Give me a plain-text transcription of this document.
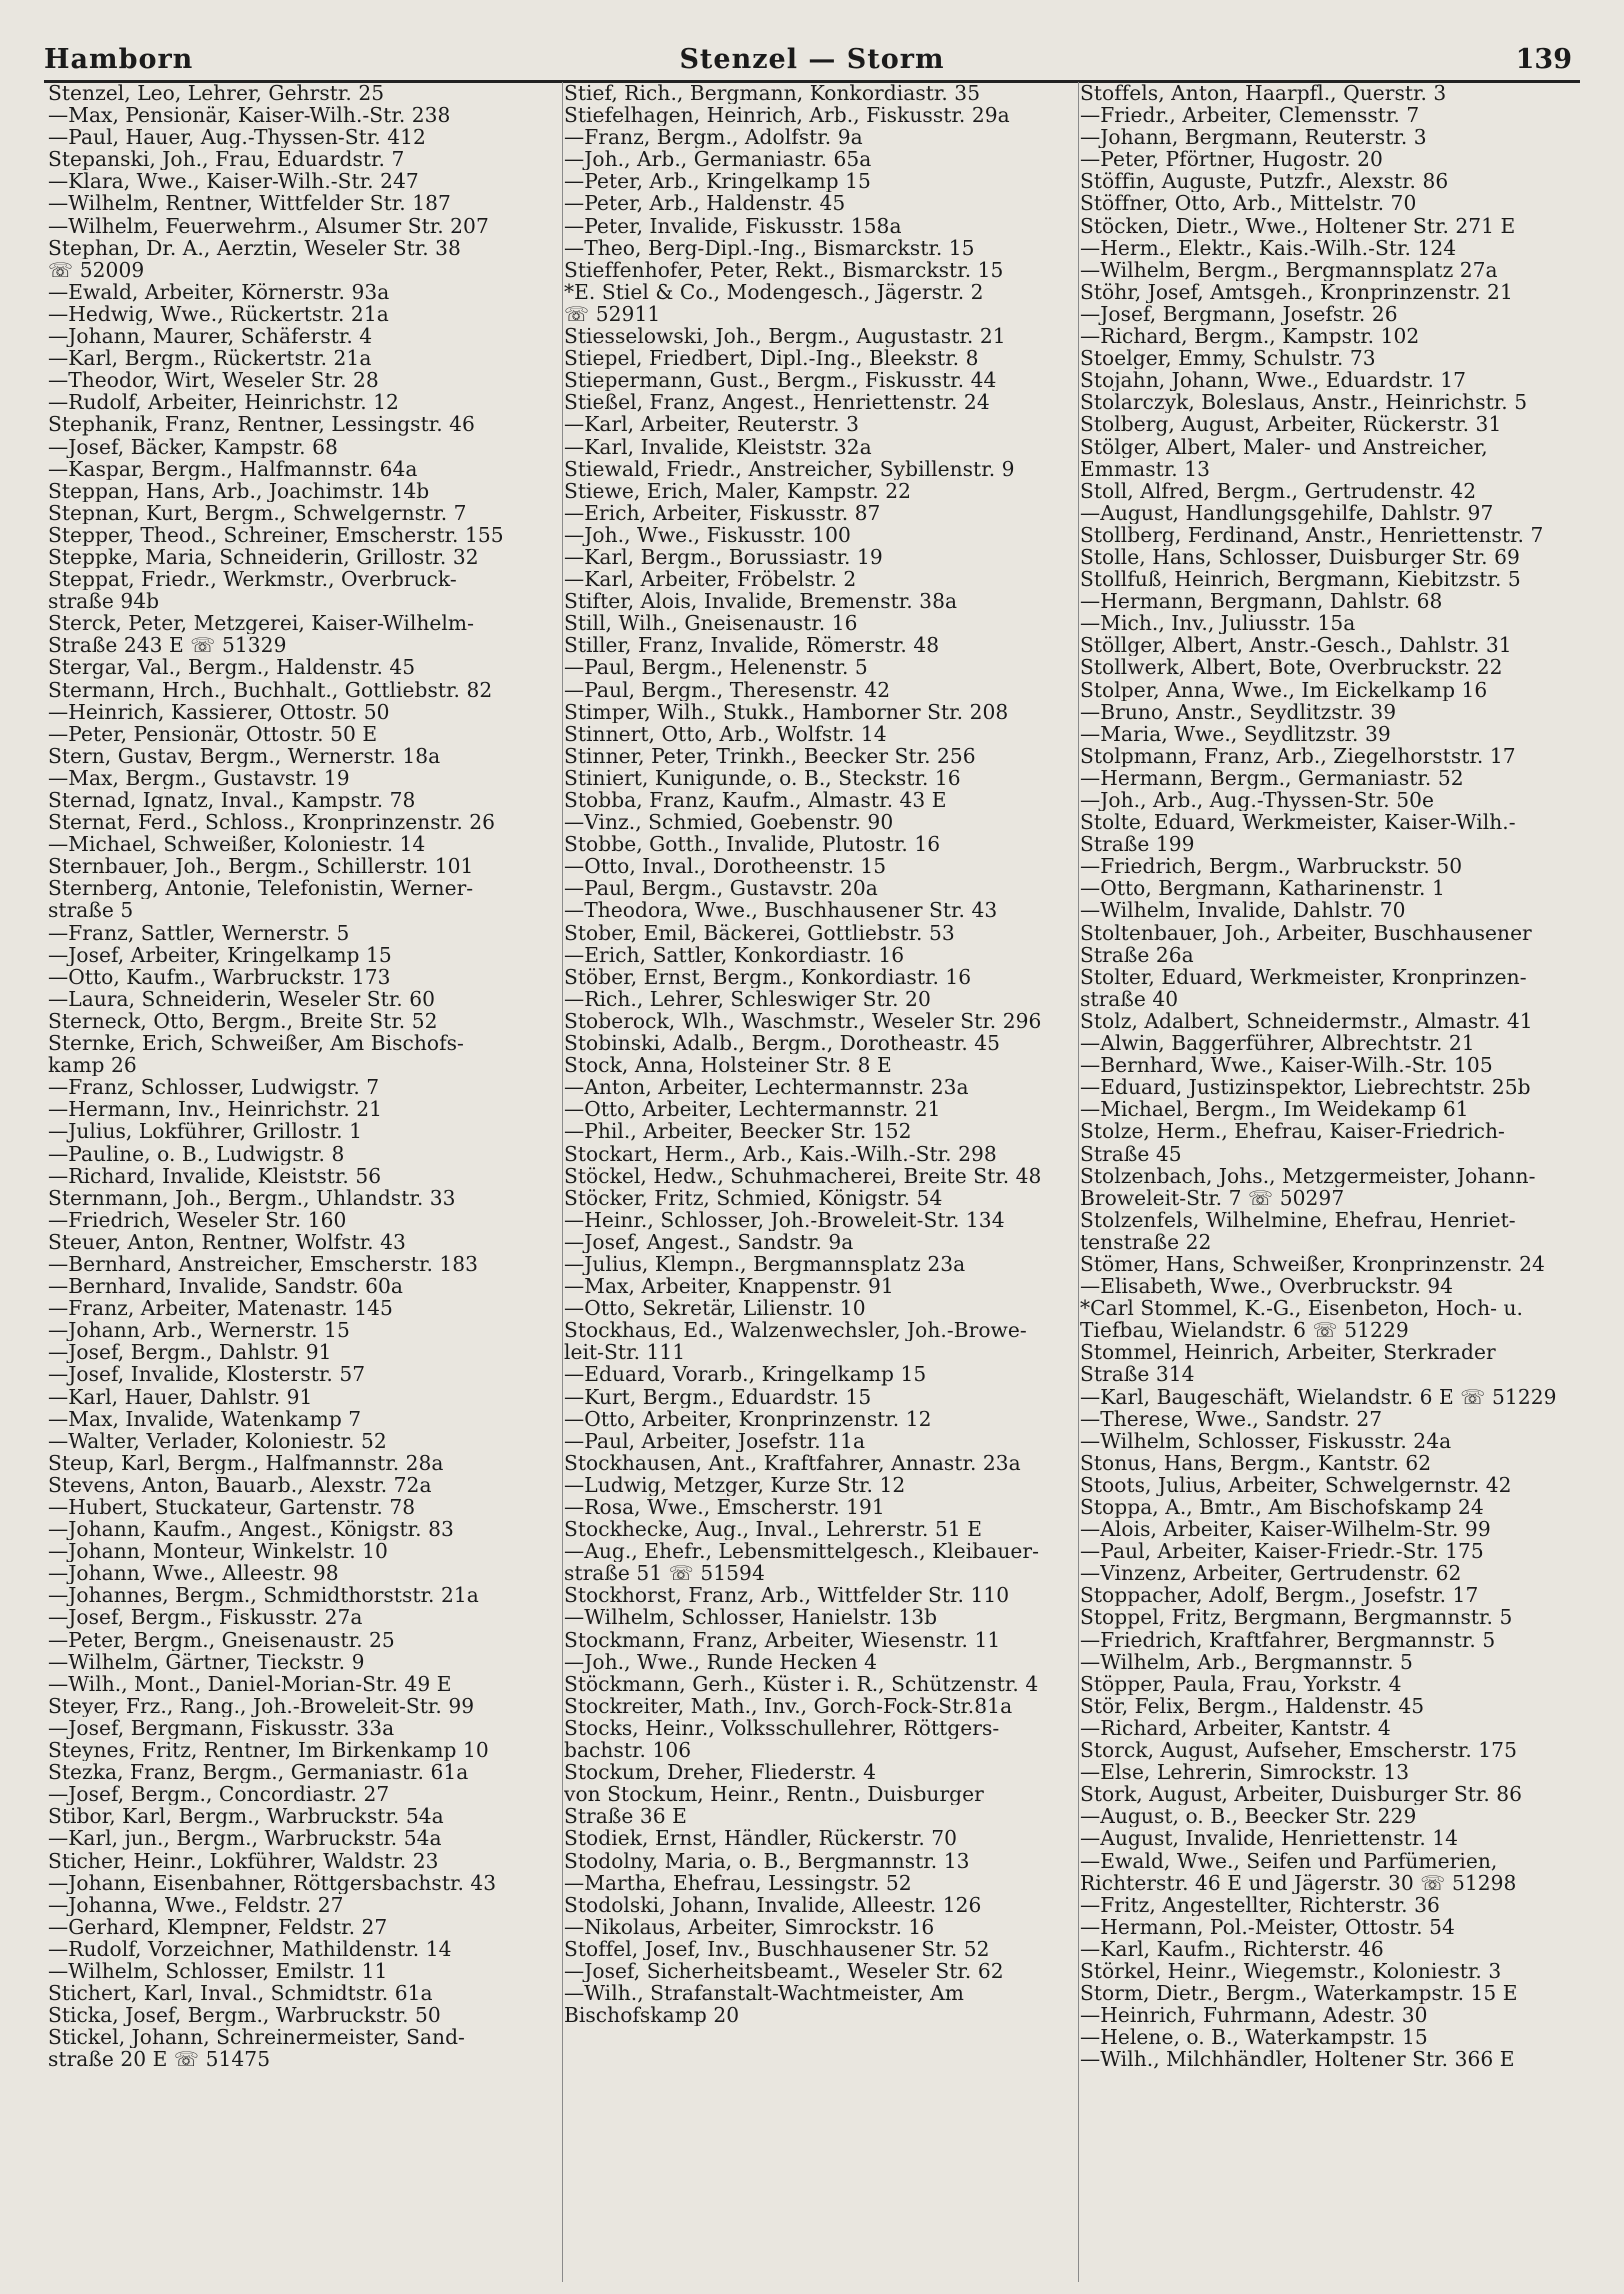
Hamborn	Stenzel — Storm	139
Stenzel, Leo, Lehrer, Gehrstr. 25
—Max, Pensionär, Kaiser-Wilh.-Str. 238
—Paul, Hauer, Aug.-Thyssen-Str. 412
Stepanski, Joh., Frau, Eduardstr. 7
—Klara, Wwe., Kaiser-Wilh.-Str. 247
—Wilhelm, Rentner, Wittfelder Str. 187
—Wilhelm, Feuerwehrm., Alsumer Str. 207
Stephan, Dr. A., Aerztin, Weseler Str. 38
☏ 52009
—Ewald, Arbeiter, Körnerstr. 93a
—Hedwig, Wwe., Rückertstr. 21a
—Johann, Maurer, Schäferstr. 4
—Karl, Bergm., Rückertstr. 21a
—Theodor, Wirt, Weseler Str. 28
—Rudolf, Arbeiter, Heinrichstr. 12
Stephanik, Franz, Rentner, Lessingstr. 46
—Josef, Bäcker, Kampstr. 68
—Kaspar, Bergm., Halfmannstr. 64a
Steppan, Hans, Arb., Joachimstr. 14b
Stepnan, Kurt, Bergm., Schwelgernstr. 7
Stepper, Theod., Schreiner, Emscherstr. 155
Steppke, Maria, Schneiderin, Grillostr. 32
Steppat, Friedr., Werkmstr., Overbruck-
straße 94b
Sterck, Peter, Metzgerei, Kaiser-Wilhelm-
Straße 243 E ☏ 51329
Stergar, Val., Bergm., Haldenstr. 45
Stermann, Hrch., Buchhalt., Gottliebstr. 82
—Heinrich, Kassierer, Ottostr. 50
—Peter, Pensionär, Ottostr. 50 E
Stern, Gustav, Bergm., Wernerstr. 18a
—Max, Bergm., Gustavstr. 19
Sternad, Ignatz, Inval., Kampstr. 78
Sternat, Ferd., Schloss., Kronprinzenstr. 26
—Michael, Schweißer, Koloniestr. 14
Sternbauer, Joh., Bergm., Schillerstr. 101
Sternberg, Antonie, Telefonistin, Werner-
straße 5
—Franz, Sattler, Wernerstr. 5
—Josef, Arbeiter, Kringelkamp 15
—Otto, Kaufm., Warbruckstr. 173
—Laura, Schneiderin, Weseler Str. 60
Sterneck, Otto, Bergm., Breite Str. 52
Sternke, Erich, Schweißer, Am Bischofs-
kamp 26
—Franz, Schlosser, Ludwigstr. 7
—Hermann, Inv., Heinrichstr. 21
—Julius, Lokführer, Grillostr. 1
—Pauline, o. B., Ludwigstr. 8
—Richard, Invalide, Kleiststr. 56
Sternmann, Joh., Bergm., Uhlandstr. 33
—Friedrich, Weseler Str. 160
Steuer, Anton, Rentner, Wolfstr. 43
—Bernhard, Anstreicher, Emscherstr. 183
—Bernhard, Invalide, Sandstr. 60a
—Franz, Arbeiter, Matenastr. 145
—Johann, Arb., Wernerstr. 15
—Josef, Bergm., Dahlstr. 91
—Josef, Invalide, Klosterstr. 57
—Karl, Hauer, Dahlstr. 91
—Max, Invalide, Watenkamp 7
—Walter, Verlader, Koloniestr. 52
Steup, Karl, Bergm., Halfmannstr. 28a
Stevens, Anton, Bauarb., Alexstr. 72a
—Hubert, Stuckateur, Gartenstr. 78
—Johann, Kaufm., Angest., Königstr. 83
—Johann, Monteur, Winkelstr. 10
—Johann, Wwe., Alleestr. 98
—Johannes, Bergm., Schmidthorststr. 21a
—Josef, Bergm., Fiskusstr. 27a
—Peter, Bergm., Gneisenaustr. 25
—Wilhelm, Gärtner, Tieckstr. 9
—Wilh., Mont., Daniel-Morian-Str. 49 E
Steyer, Frz., Rang., Joh.-Broweleit-Str. 99
—Josef, Bergmann, Fiskusstr. 33a
Steynes, Fritz, Rentner, Im Birkenkamp 10
Stezka, Franz, Bergm., Germaniastr. 61a
—Josef, Bergm., Concordiastr. 27
Stibor, Karl, Bergm., Warbruckstr. 54a
—Karl, jun., Bergm., Warbruckstr. 54a
Sticher, Heinr., Lokführer, Waldstr. 23
—Johann, Eisenbahner, Röttgersbachstr. 43
—Johanna, Wwe., Feldstr. 27
—Gerhard, Klempner, Feldstr. 27
—Rudolf, Vorzeichner, Mathildenstr. 14
—Wilhelm, Schlosser, Emilstr. 11
Stichert, Karl, Inval., Schmidtstr. 61a
Sticka, Josef, Bergm., Warbruckstr. 50
Stickel, Johann, Schreinermeister, Sand-
straße 20 E ☏ 51475
Stief, Rich., Bergmann, Konkordiastr. 35
Stiefelhagen, Heinrich, Arb., Fiskusstr. 29a
—Franz, Bergm., Adolfstr. 9a
—Joh., Arb., Germaniastr. 65a
—Peter, Arb., Kringelkamp 15
—Peter, Arb., Haldenstr. 45
—Peter, Invalide, Fiskusstr. 158a
—Theo, Berg-Dipl.-Ing., Bismarckstr. 15
Stieffenhofer, Peter, Rekt., Bismarckstr. 15
*E. Stiel & Co., Modengesch., Jägerstr. 2
☏ 52911
Stiesselowski, Joh., Bergm., Augustastr. 21
Stiepel, Friedbert, Dipl.-Ing., Bleekstr. 8
Stiepermann, Gust., Bergm., Fiskusstr. 44
Stießel, Franz, Angest., Henriettenstr. 24
—Karl, Arbeiter, Reuterstr. 3
—Karl, Invalide, Kleiststr. 32a
Stiewald, Friedr., Anstreicher, Sybillenstr. 9
Stiewe, Erich, Maler, Kampstr. 22
—Erich, Arbeiter, Fiskusstr. 87
—Joh., Wwe., Fiskusstr. 100
—Karl, Bergm., Borussiastr. 19
—Karl, Arbeiter, Fröbelstr. 2
Stifter, Alois, Invalide, Bremenstr. 38a
Still, Wilh., Gneisenaustr. 16
Stiller, Franz, Invalide, Römerstr. 48
—Paul, Bergm., Helenenstr. 5
—Paul, Bergm., Theresenstr. 42
Stimper, Wilh., Stukk., Hamborner Str. 208
Stinnert, Otto, Arb., Wolfstr. 14
Stinner, Peter, Trinkh., Beecker Str. 256
Stiniert, Kunigunde, o. B., Steckstr. 16
Stobba, Franz, Kaufm., Almastr. 43 E
—Vinz., Schmied, Goebenstr. 90
Stobbe, Gotth., Invalide, Plutostr. 16
—Otto, Inval., Dorotheenstr. 15
—Paul, Bergm., Gustavstr. 20a
—Theodora, Wwe., Buschhausener Str. 43
Stober, Emil, Bäckerei, Gottliebstr. 53
—Erich, Sattler, Konkordiastr. 16
Stöber, Ernst, Bergm., Konkordiastr. 16
—Rich., Lehrer, Schleswiger Str. 20
Stoberock, Wlh., Waschmstr., Weseler Str. 296
Stobinski, Adalb., Bergm., Dorotheastr. 45
Stock, Anna, Holsteiner Str. 8 E
—Anton, Arbeiter, Lechtermannstr. 23a
—Otto, Arbeiter, Lechtermannstr. 21
—Phil., Arbeiter, Beecker Str. 152
Stockart, Herm., Arb., Kais.-Wilh.-Str. 298
Stöckel, Hedw., Schuhmacherei, Breite Str. 48
Stöcker, Fritz, Schmied, Königstr. 54
—Heinr., Schlosser, Joh.-Broweleit-Str. 134
—Josef, Angest., Sandstr. 9a
—Julius, Klempn., Bergmannsplatz 23a
—Max, Arbeiter, Knappenstr. 91
—Otto, Sekretär, Lilienstr. 10
Stockhaus, Ed., Walzenwechsler, Joh.-Browe-
leit-Str. 111
—Eduard, Vorarb., Kringelkamp 15
—Kurt, Bergm., Eduardstr. 15
—Otto, Arbeiter, Kronprinzenstr. 12
—Paul, Arbeiter, Josefstr. 11a
Stockhausen, Ant., Kraftfahrer, Annastr. 23a
—Ludwig, Metzger, Kurze Str. 12
—Rosa, Wwe., Emscherstr. 191
Stockhecke, Aug., Inval., Lehrerstr. 51 E
—Aug., Ehefr., Lebensmittelgesch., Kleibauer-
straße 51 ☏ 51594
Stockhorst, Franz, Arb., Wittfelder Str. 110
—Wilhelm, Schlosser, Hanielstr. 13b
Stockmann, Franz, Arbeiter, Wiesenstr. 11
—Joh., Wwe., Runde Hecken 4
Stöckmann, Gerh., Küster i. R., Schützenstr. 4
Stockreiter, Math., Inv., Gorch-Fock-Str.81a
Stocks, Heinr., Volksschullehrer, Röttgers-
bachstr. 106
Stockum, Dreher, Fliederstr. 4
von Stockum, Heinr., Rentn., Duisburger
Straße 36 E
Stodiek, Ernst, Händler, Rückerstr. 70
Stodolny, Maria, o. B., Bergmannstr. 13
—Martha, Ehefrau, Lessingstr. 52
Stodolski, Johann, Invalide, Alleestr. 126
—Nikolaus, Arbeiter, Simrockstr. 16
Stoffel, Josef, Inv., Buschhausener Str. 52
—Josef, Sicherheitsbeamt., Weseler Str. 62
—Wilh., Strafanstalt-Wachtmeister, Am
Bischofskamp 20
Stoffels, Anton, Haarpfl., Querstr. 3
—Friedr., Arbeiter, Clemensstr. 7
—Johann, Bergmann, Reuterstr. 3
—Peter, Pförtner, Hugostr. 20
Stöffin, Auguste, Putzfr., Alexstr. 86
Stöffner, Otto, Arb., Mittelstr. 70
Stöcken, Dietr., Wwe., Holtener Str. 271 E
—Herm., Elektr., Kais.-Wilh.-Str. 124
—Wilhelm, Bergm., Bergmannsplatz 27a
Stöhr, Josef, Amtsgeh., Kronprinzenstr. 21
—Josef, Bergmann, Josefstr. 26
—Richard, Bergm., Kampstr. 102
Stoelger, Emmy, Schulstr. 73
Stojahn, Johann, Wwe., Eduardstr. 17
Stolarczyk, Boleslaus, Anstr., Heinrichstr. 5
Stolberg, August, Arbeiter, Rückerstr. 31
Stölger, Albert, Maler- und Anstreicher,
Emmastr. 13
Stoll, Alfred, Bergm., Gertrudenstr. 42
—August, Handlungsgehilfe, Dahlstr. 97
Stollberg, Ferdinand, Anstr., Henriettenstr. 7
Stolle, Hans, Schlosser, Duisburger Str. 69
Stollfuß, Heinrich, Bergmann, Kiebitzstr. 5
—Hermann, Bergmann, Dahlstr. 68
—Mich., Inv., Juliusstr. 15a
Stöllger, Albert, Anstr.-Gesch., Dahlstr. 31
Stollwerk, Albert, Bote, Overbruckstr. 22
Stolper, Anna, Wwe., Im Eickelkamp 16
—Bruno, Anstr., Seydlitzstr. 39
—Maria, Wwe., Seydlitzstr. 39
Stolpmann, Franz, Arb., Ziegelhorststr. 17
—Hermann, Bergm., Germaniastr. 52
—Joh., Arb., Aug.-Thyssen-Str. 50e
Stolte, Eduard, Werkmeister, Kaiser-Wilh.-
Straße 199
—Friedrich, Bergm., Warbruckstr. 50
—Otto, Bergmann, Katharinenstr. 1
—Wilhelm, Invalide, Dahlstr. 70
Stoltenbauer, Joh., Arbeiter, Buschhausener
Straße 26a
Stolter, Eduard, Werkmeister, Kronprinzen-
straße 40
Stolz, Adalbert, Schneidermstr., Almastr. 41
—Alwin, Baggerführer, Albrechtstr. 21
—Bernhard, Wwe., Kaiser-Wilh.-Str. 105
—Eduard, Justizinspektor, Liebrechtstr. 25b
—Michael, Bergm., Im Weidekamp 61
Stolze, Herm., Ehefrau, Kaiser-Friedrich-
Straße 45
Stolzenbach, Johs., Metzgermeister, Johann-
Broweleit-Str. 7 ☏ 50297
Stolzenfels, Wilhelmine, Ehefrau, Henriet-
tenstraße 22
Stömer, Hans, Schweißer, Kronprinzenstr. 24
—Elisabeth, Wwe., Overbruckstr. 94
*Carl Stommel, K.-G., Eisenbeton, Hoch- u.
Tiefbau, Wielandstr. 6 ☏ 51229
Stommel, Heinrich, Arbeiter, Sterkrader
Straße 314
—Karl, Baugeschäft, Wielandstr. 6 E ☏ 51229
—Therese, Wwe., Sandstr. 27
—Wilhelm, Schlosser, Fiskusstr. 24a
Stonus, Hans, Bergm., Kantstr. 62
Stoots, Julius, Arbeiter, Schwelgernstr. 42
Stoppa, A., Bmtr., Am Bischofskamp 24
—Alois, Arbeiter, Kaiser-Wilhelm-Str. 99
—Paul, Arbeiter, Kaiser-Friedr.-Str. 175
—Vinzenz, Arbeiter, Gertrudenstr. 62
Stoppacher, Adolf, Bergm., Josefstr. 17
Stoppel, Fritz, Bergmann, Bergmannstr. 5
—Friedrich, Kraftfahrer, Bergmannstr. 5
—Wilhelm, Arb., Bergmannstr. 5
Stöpper, Paula, Frau, Yorkstr. 4
Stör, Felix, Bergm., Haldenstr. 45
—Richard, Arbeiter, Kantstr. 4
Storck, August, Aufseher, Emscherstr. 175
—Else, Lehrerin, Simrockstr. 13
Stork, August, Arbeiter, Duisburger Str. 86
—August, o. B., Beecker Str. 229
—August, Invalide, Henriettenstr. 14
—Ewald, Wwe., Seifen und Parfümerien,
Richterstr. 46 E und Jägerstr. 30 ☏ 51298
—Fritz, Angestellter, Richterstr. 36
—Hermann, Pol.-Meister, Ottostr. 54
—Karl, Kaufm., Richterstr. 46
Störkel, Heinr., Wiegemstr., Koloniestr. 3
Storm, Dietr., Bergm., Waterkampstr. 15 E
—Heinrich, Fuhrmann, Adestr. 30
—Helene, o. B., Waterkampstr. 15
—Wilh., Milchhändler, Holtener Str. 366 E
